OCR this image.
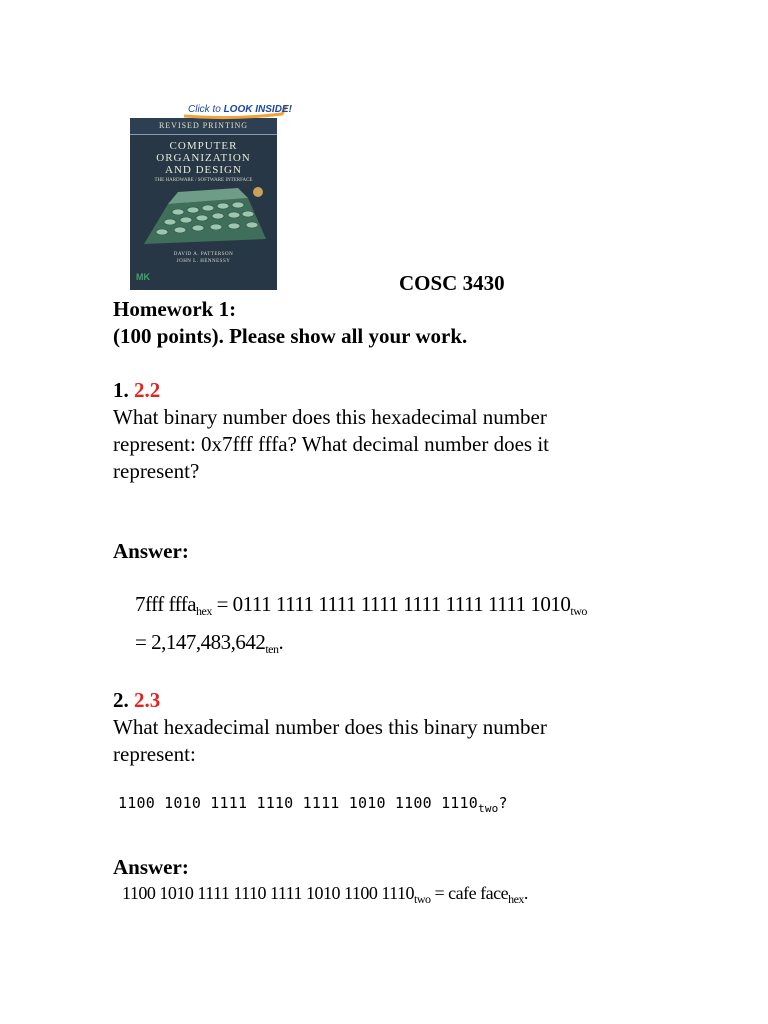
REVISED PRINTING
COMPUTER
ORGANIZATION
AND DESIGN
THE HARDWARE / SOFTWARE INTERFACE
DAVID A. PATTERSON
JOHN L. HENNESSY
MK
Click to LOOK INSIDE!
COSC 3430
Homework 1:
(100 points). Please show all your work.
1. 2.2
What binary number does this hexadecimal number
represent: 0x7fff fffa? What decimal number does it
represent?
Answer:
7fff fffa$_{hex}$ = 0111 1111 1111 1111 1111 1111 1111 $1010_{two}$
= $2,147,483,642_{ten}$.
2. 2.3
What hexadecimal number does this binary number
represent:
1100 1010 1111 1110 1111 1010 1100 $1110_{two}$?
Answer:
1100 1010 1111 1110 1111 1010 1100 $1110_{two}$ = cafe face$_{hex}$.
